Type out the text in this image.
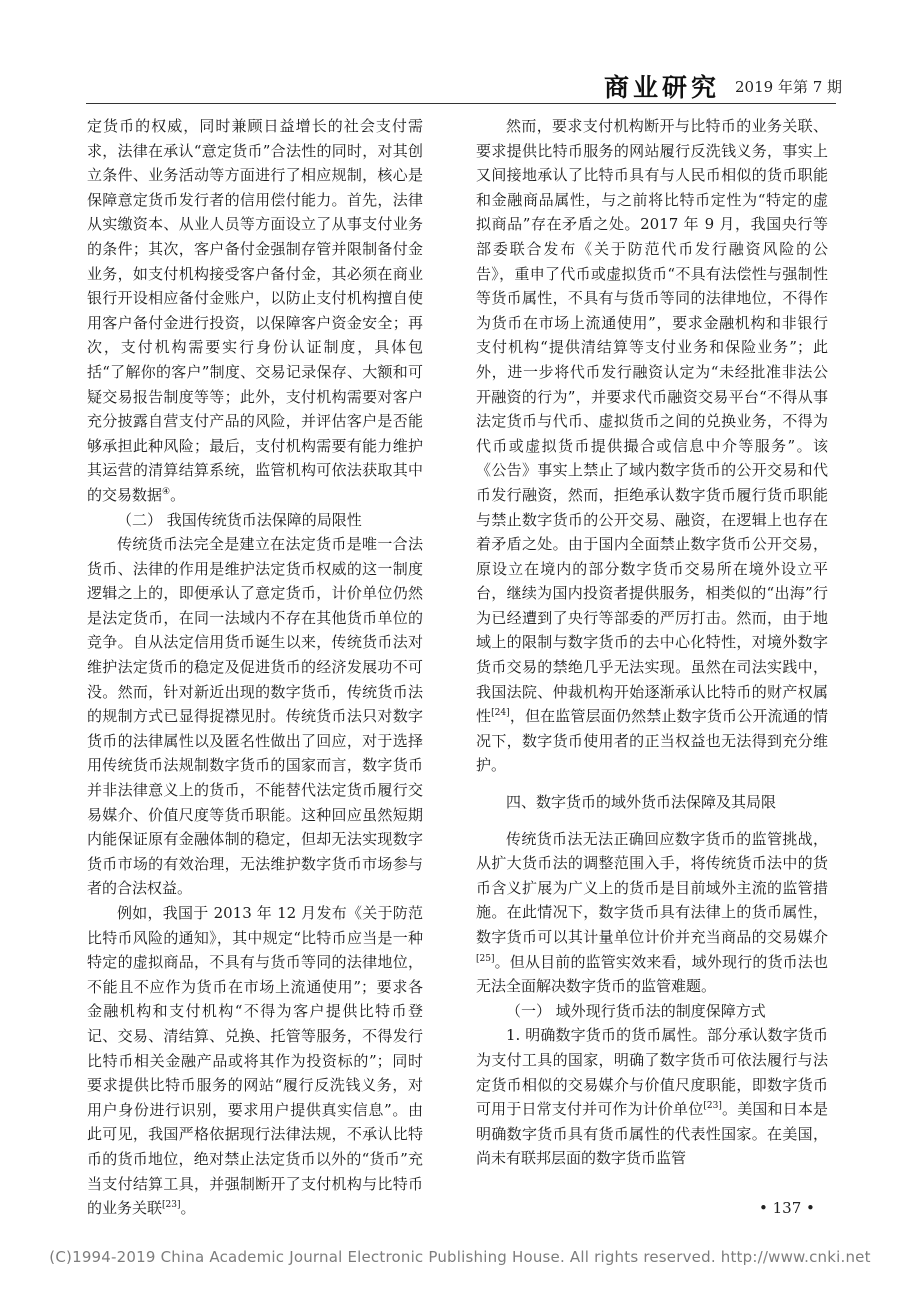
商业研究 2019 年第 7 期

定货币的权威，同时兼顾日益增长的社会支付需求，法律在承认“意定货币”合法性的同时，对其创立条件、业务活动等方面进行了相应规制，核心是保障意定货币发行者的信用偿付能力。首先，法律从实缴资本、从业人员等方面设立了从事支付业务的条件；其次，客户备付金强制存管并限制备付金业务，如支付机构接受客户备付金，其必须在商业银行开设相应备付金账户，以防止支付机构擅自使用客户备付金进行投资，以保障客户资金安全；再次，支付机构需要实行身份认证制度，具体包括“了解你的客户”制度、交易记录保存、大额和可疑交易报告制度等等；此外，支付机构需要对客户充分披露自营支付产品的风险，并评估客户是否能够承担此种风险；最后，支付机构需要有能力维护其运营的清算结算系统，监管机构可依法获取其中的交易数据④。

（二） 我国传统货币法保障的局限性

传统货币法完全是建立在法定货币是唯一合法货币、法律的作用是维护法定货币权威的这一制度逻辑之上的，即便承认了意定货币，计价单位仍然是法定货币，在同一法域内不存在其他货币单位的竞争。自从法定信用货币诞生以来，传统货币法对维护法定货币的稳定及促进货币的经济发展功不可没。然而，针对新近出现的数字货币，传统货币法的规制方式已显得捉襟见肘。传统货币法只对数字货币的法律属性以及匿名性做出了回应，对于选择用传统货币法规制数字货币的国家而言，数字货币并非法律意义上的货币，不能替代法定货币履行交易媒介、价值尺度等货币职能。这种回应虽然短期内能保证原有金融体制的稳定，但却无法实现数字货币市场的有效治理，无法维护数字货币市场参与者的合法权益。

例如，我国于 2013 年 12 月发布《关于防范比特币风险的通知》，其中规定“比特币应当是一种特定的虚拟商品，不具有与货币等同的法律地位，不能且不应作为货币在市场上流通使用”；要求各金融机构和支付机构“不得为客户提供比特币登记、交易、清结算、兑换、托管等服务，不得发行比特币相关金融产品或将其作为投资标的”；同时要求提供比特币服务的网站“履行反洗钱义务，对用户身份进行识别，要求用户提供真实信息”。由此可见，我国严格依据现行法律法规，不承认比特币的货币地位，绝对禁止法定货币以外的“货币”充当支付结算工具，并强制断开了支付机构与比特币的业务关联[23]。

然而，要求支付机构断开与比特币的业务关联、要求提供比特币服务的网站履行反洗钱义务，事实上又间接地承认了比特币具有与人民币相似的货币职能和金融商品属性，与之前将比特币定性为“特定的虚拟商品”存在矛盾之处。2017 年 9 月，我国央行等部委联合发布《关于防范代币发行融资风险的公告》，重申了代币或虚拟货币“不具有法偿性与强制性等货币属性，不具有与货币等同的法律地位，不得作为货币在市场上流通使用”，要求金融机构和非银行支付机构“提供清结算等支付业务和保险业务”；此外，进一步将代币发行融资认定为“未经批准非法公开融资的行为”，并要求代币融资交易平台“不得从事法定货币与代币、虚拟货币之间的兑换业务，不得为代币或虚拟货币提供撮合或信息中介等服务”。该《公告》事实上禁止了域内数字货币的公开交易和代币发行融资，然而，拒绝承认数字货币履行货币职能与禁止数字货币的公开交易、融资，在逻辑上也存在着矛盾之处。由于国内全面禁止数字货币公开交易，原设立在境内的部分数字货币交易所在境外设立平台，继续为国内投资者提供服务，相类似的“出海”行为已经遭到了央行等部委的严厉打击。然而，由于地域上的限制与数字货币的去中心化特性，对境外数字货币交易的禁绝几乎无法实现。虽然在司法实践中，我国法院、仲裁机构开始逐渐承认比特币的财产权属性[24]，但在监管层面仍然禁止数字货币公开流通的情况下，数字货币使用者的正当权益也无法得到充分维护。

四、数字货币的域外货币法保障及其局限

传统货币法无法正确回应数字货币的监管挑战，从扩大货币法的调整范围入手，将传统货币法中的货币含义扩展为广义上的货币是目前域外主流的监管措施。在此情况下，数字货币具有法律上的货币属性，数字货币可以其计量单位计价并充当商品的交易媒介[25]。但从目前的监管实效来看，域外现行的货币法也无法全面解决数字货币的监管难题。

（一） 域外现行货币法的制度保障方式

1. 明确数字货币的货币属性。部分承认数字货币为支付工具的国家，明确了数字货币可依法履行与法定货币相似的交易媒介与价值尺度职能，即数字货币可用于日常支付并可作为计价单位[23]。美国和日本是明确数字货币具有货币属性的代表性国家。在美国，尚未有联邦层面的数字货币监管

• 137 •
(C)1994-2019 China Academic Journal Electronic Publishing House. All rights reserved. http://www.cnki.net
